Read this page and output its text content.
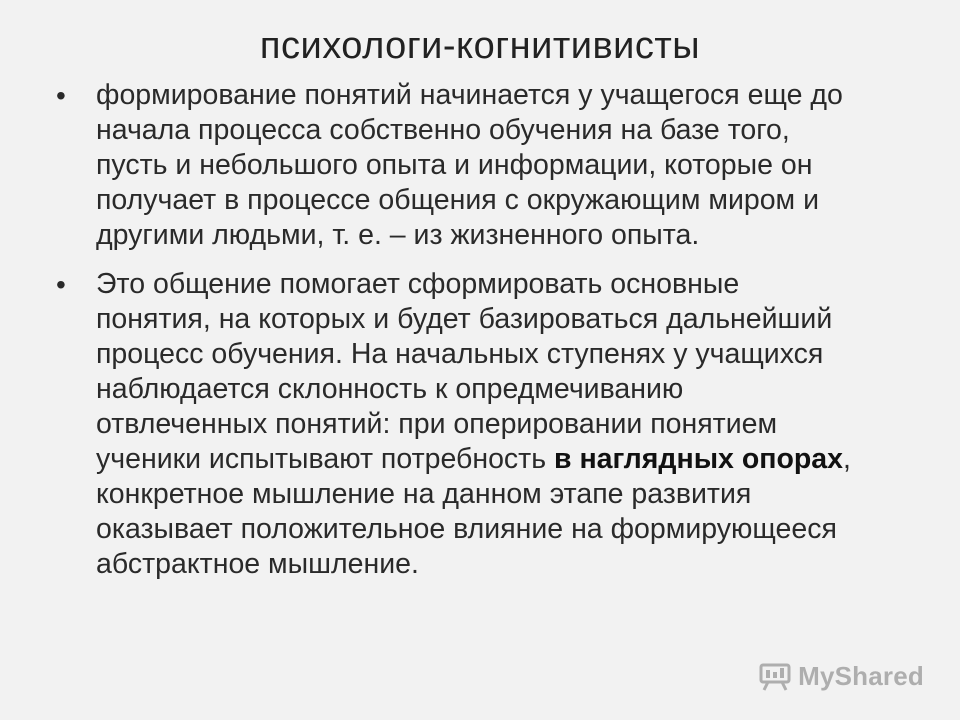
психологи-когнитивисты
• формирование понятий начинается у учащегося еще до начала процесса собственно обучения на базе того, пусть и небольшого опыта и информации, которые он получает в процессе общения с окружающим миром и другими людьми, т. е. – из жизненного опыта.
• Это общение помогает сформировать основные понятия, на которых и будет базироваться дальнейший процесс обучения. На начальных ступенях у учащихся наблюдается склонность к опредмечиванию отвлеченных понятий: при оперировании понятием ученики испытывают потребность в наглядных опорах, конкретное мышление на данном этапе развития оказывает положительное влияние на формирующееся абстрактное мышление.
MyShared
